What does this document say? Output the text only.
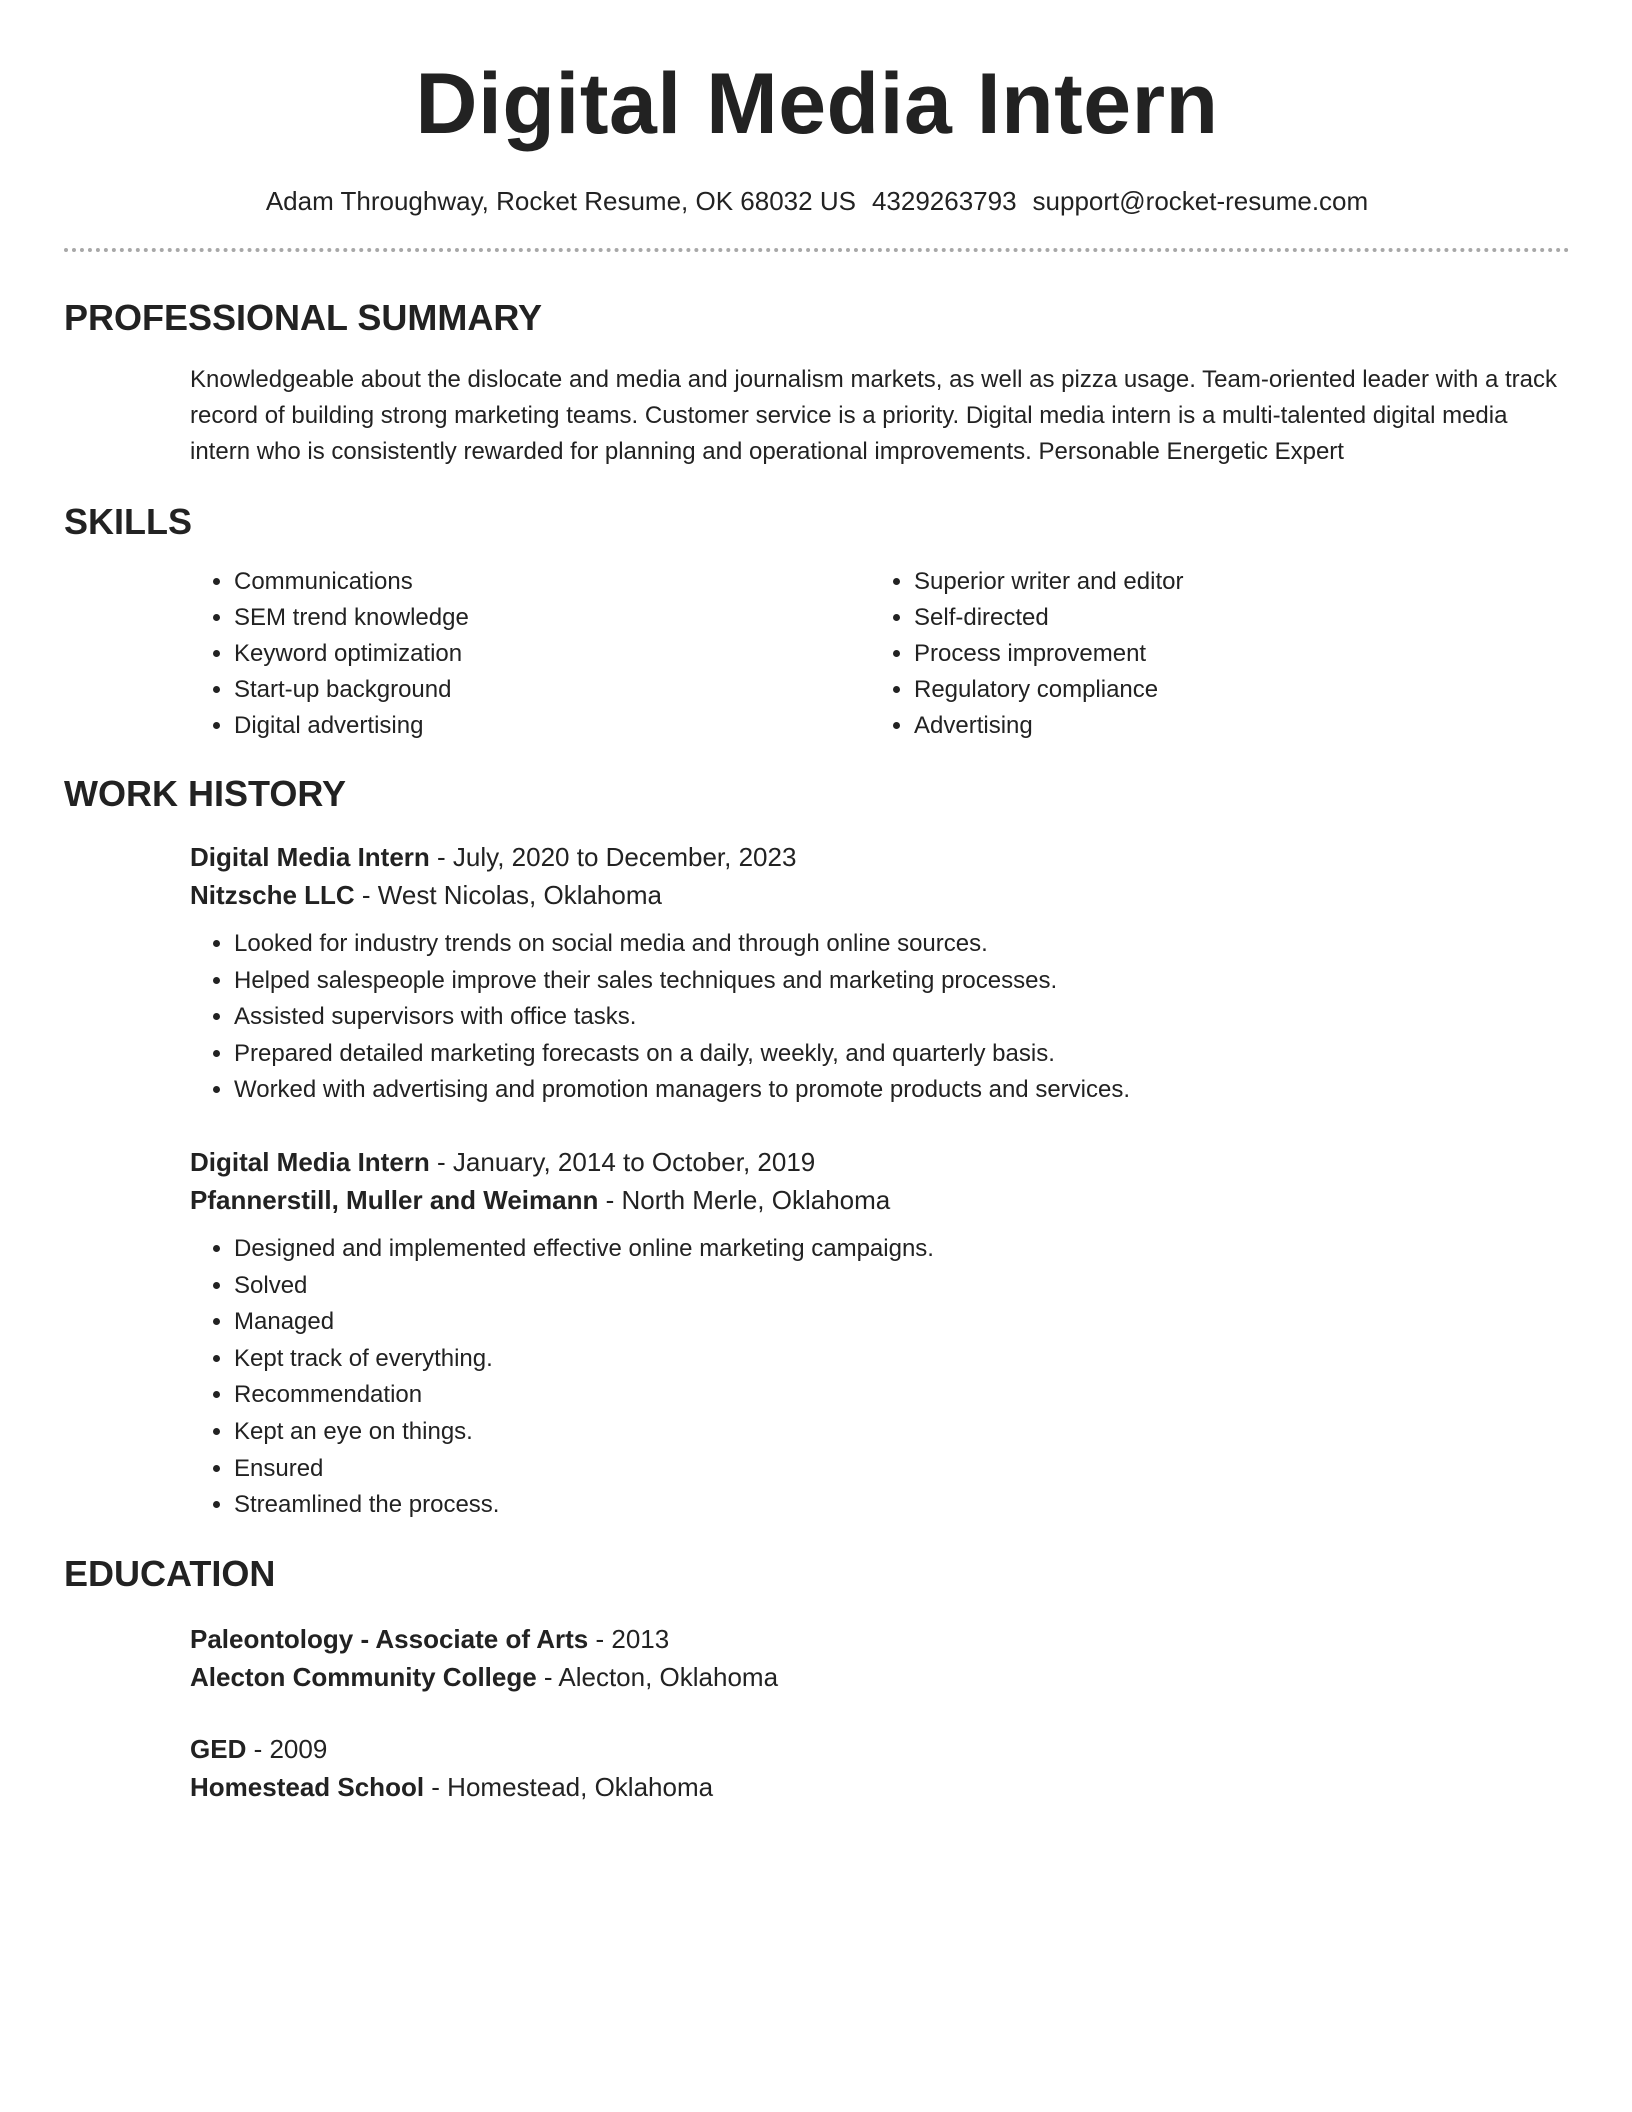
Digital Media Intern
Adam Throughway, Rocket Resume, OK 68032 US 4329263793 support@rocket-resume.com
PROFESSIONAL SUMMARY

Knowledgeable about the dislocate and media and journalism markets, as well as pizza usage. Team-oriented leader with a track record of building strong marketing teams. Customer service is a priority. Digital media intern is a multi-talented digital media intern who is consistently rewarded for planning and operational improvements. Personable Energetic Expert

SKILLS
• Communications
• SEM trend knowledge
• Keyword optimization
• Start-up background
• Digital advertising
• Superior writer and editor
• Self-directed
• Process improvement
• Regulatory compliance
• Advertising
WORK HISTORY
Digital Media Intern - July, 2020 to December, 2023
Nitzsche LLC - West Nicolas, Oklahoma
• Looked for industry trends on social media and through online sources.
• Helped salespeople improve their sales techniques and marketing processes.
• Assisted supervisors with office tasks.
• Prepared detailed marketing forecasts on a daily, weekly, and quarterly basis.
• Worked with advertising and promotion managers to promote products and services.
Digital Media Intern - January, 2014 to October, 2019
Pfannerstill, Muller and Weimann - North Merle, Oklahoma
• Designed and implemented effective online marketing campaigns.
• Solved
• Managed
• Kept track of everything.
• Recommendation
• Kept an eye on things.
• Ensured
• Streamlined the process.
EDUCATION
Paleontology - Associate of Arts - 2013
Alecton Community College - Alecton, Oklahoma
GED - 2009
Homestead School - Homestead, Oklahoma
